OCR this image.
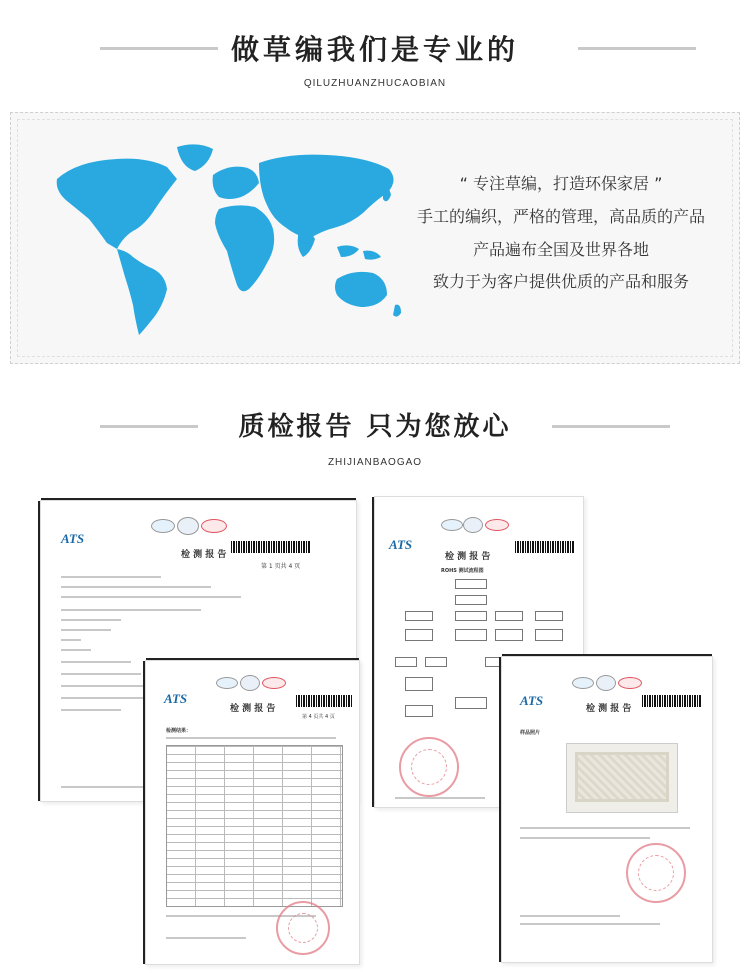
做草编我们是专业的
QILUZHUANZHUCAOBIAN
“ 专注草编，打造环保家居 ”
手工的编织，严格的管理，高品质的产品
产品遍布全国及世界各地
致力于为客户提供优质的产品和服务
质检报告 只为您放心
ZHIJIANBAOGAO
ATS
检 测 报 告
第 1 页共 4 页
ATS
检 测 报 告
ROHS 测试流程图
ATS
检 测 报 告
第 4 页共 4 页
检测结果：
ATS
检 测 报 告
样品照片
